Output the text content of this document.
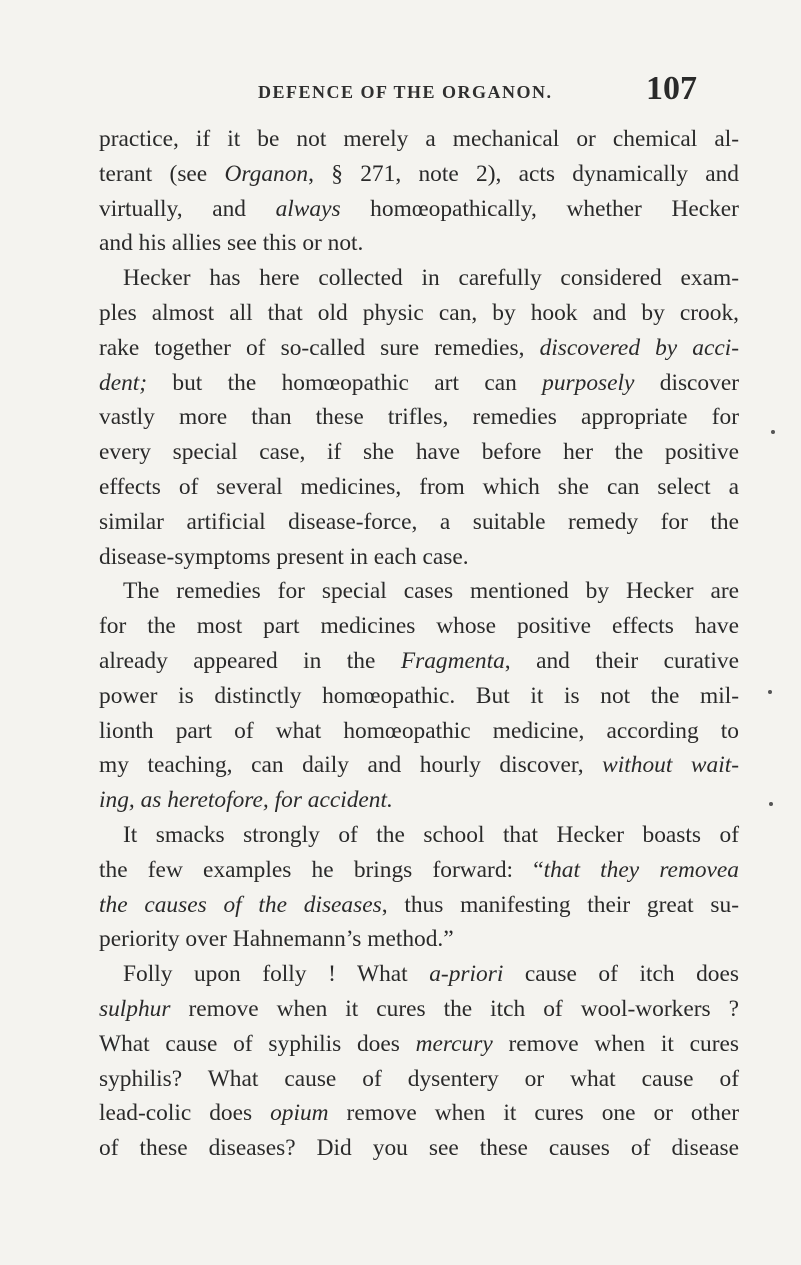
DEFENCE OF THE ORGANON.	107
practice, if it be not merely a mechanical or chemical al-
terant (see Organon, § 271, note 2), acts dynamically and
virtually, and always homœopathically, whether Hecker
and his allies see this or not.
Hecker has here collected in carefully considered exam-
ples almost all that old physic can, by hook and by crook,
rake together of so-called sure remedies, discovered by acci-
dent; but the homœopathic art can purposely discover
vastly more than these trifles, remedies appropriate for
every special case, if she have before her the positive
effects of several medicines, from which she can select a
similar artificial disease-force, a suitable remedy for the
disease-symptoms present in each case.
The remedies for special cases mentioned by Hecker are
for the most part medicines whose positive effects have
already appeared in the Fragmenta, and their curative
power is distinctly homœopathic. But it is not the mil-
lionth part of what homœopathic medicine, according to
my teaching, can daily and hourly discover, without wait-
ing, as heretofore, for accident.
It smacks strongly of the school that Hecker boasts of
the few examples he brings forward: “that they removea
the causes of the diseases, thus manifesting their great su-
periority over Hahnemann’s method.”
Folly upon folly ! What a-priori cause of itch does
sulphur remove when it cures the itch of wool-workers ?
What cause of syphilis does mercury remove when it cures
syphilis? What cause of dysentery or what cause of
lead-colic does opium remove when it cures one or other
of these diseases? Did you see these causes of disease
